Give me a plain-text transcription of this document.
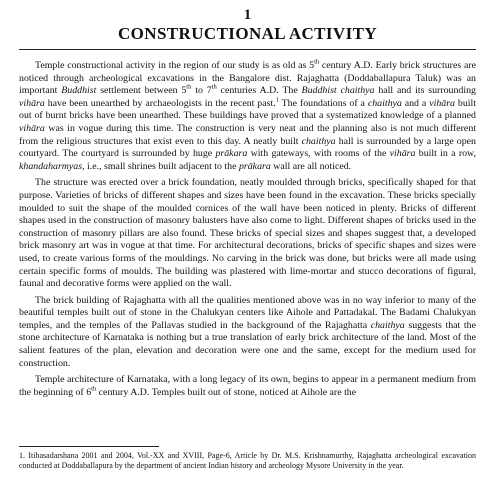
1
CONSTRUCTIONAL ACTIVITY

Temple constructional activity in the region of our study is as old as 5th century A.D. Early brick structures are noticed through archeological excavations in the Bangalore dist. Rajaghatta (Doddaballapura Taluk) was an important Buddhist settlement between 5th to 7th centuries A.D. The Buddhist chaithya hall and its surrounding vihāra have been unearthed by archaeologists in the recent past.$^1$ The foundations of a chaithya and a vihāra built out of burnt bricks have been unearthed. These buildings have proved that a systematized knowledge of a planned vihāra was in vogue during this time. The construction is very neat and the planning also is not much different from the religious structures that exist even to this day. A neatly built chaithya hall is surrounded by a large open courtyard. The courtyard is surrounded by huge prākara with gateways, with rooms of the vihāra built in a row, khandaharmyas, i.e., small shrines built adjacent to the prākara wall are all noticed.

The structure was erected over a brick foundation, neatly moulded through bricks, specifically shaped for that purpose. Varieties of bricks of different shapes and sizes have been found in the excavation. These bricks specially moulded to suit the shape of the moulded cornices of the wall have been noticed in plenty. Bricks of different shapes used in the construction of masonry balusters have also come to light. Different shapes of bricks used in the construction of masonry pillars are also found. These bricks of special sizes and shapes suggest that, a developed brick masonry art was in vogue at that time. For architectural decorations, bricks of specific shapes and sizes were used, to create various forms of the mouldings. No carving in the brick was done, but bricks were all made using certain specific forms of moulds. The building was plastered with lime-mortar and stucco decorations of figural, faunal and decorative forms were applied on the wall.

The brick building of Rajaghatta with all the qualities mentioned above was in no way inferior to many of the beautiful temples built out of stone in the Chalukyan centers like Aihole and Pattadakal. The Badami Chalukyan temples, and the temples of the Pallavas studied in the background of the Rajaghatta chaithya suggests that the stone architecture of Karnataka is nothing but a true translation of early brick architecture of the land. Most of the salient features of the plan, elevation and decoration were one and the same, except for the medium used for construction.

Temple architecture of Karnataka, with a long legacy of its own, begins to appear in a permanent medium from the beginning of 6th century A.D. Temples built out of stone, noticed at Aihole are the

1. Itihasadarshana 2001 and 2004, Vol.-XX and XVIII, Page-6, Article by Dr. M.S. Krishnamurthy, Rajaghatta archeological excavation conducted at Doddaballapura by the department of ancient Indian history and archeology Mysore University in the year.
